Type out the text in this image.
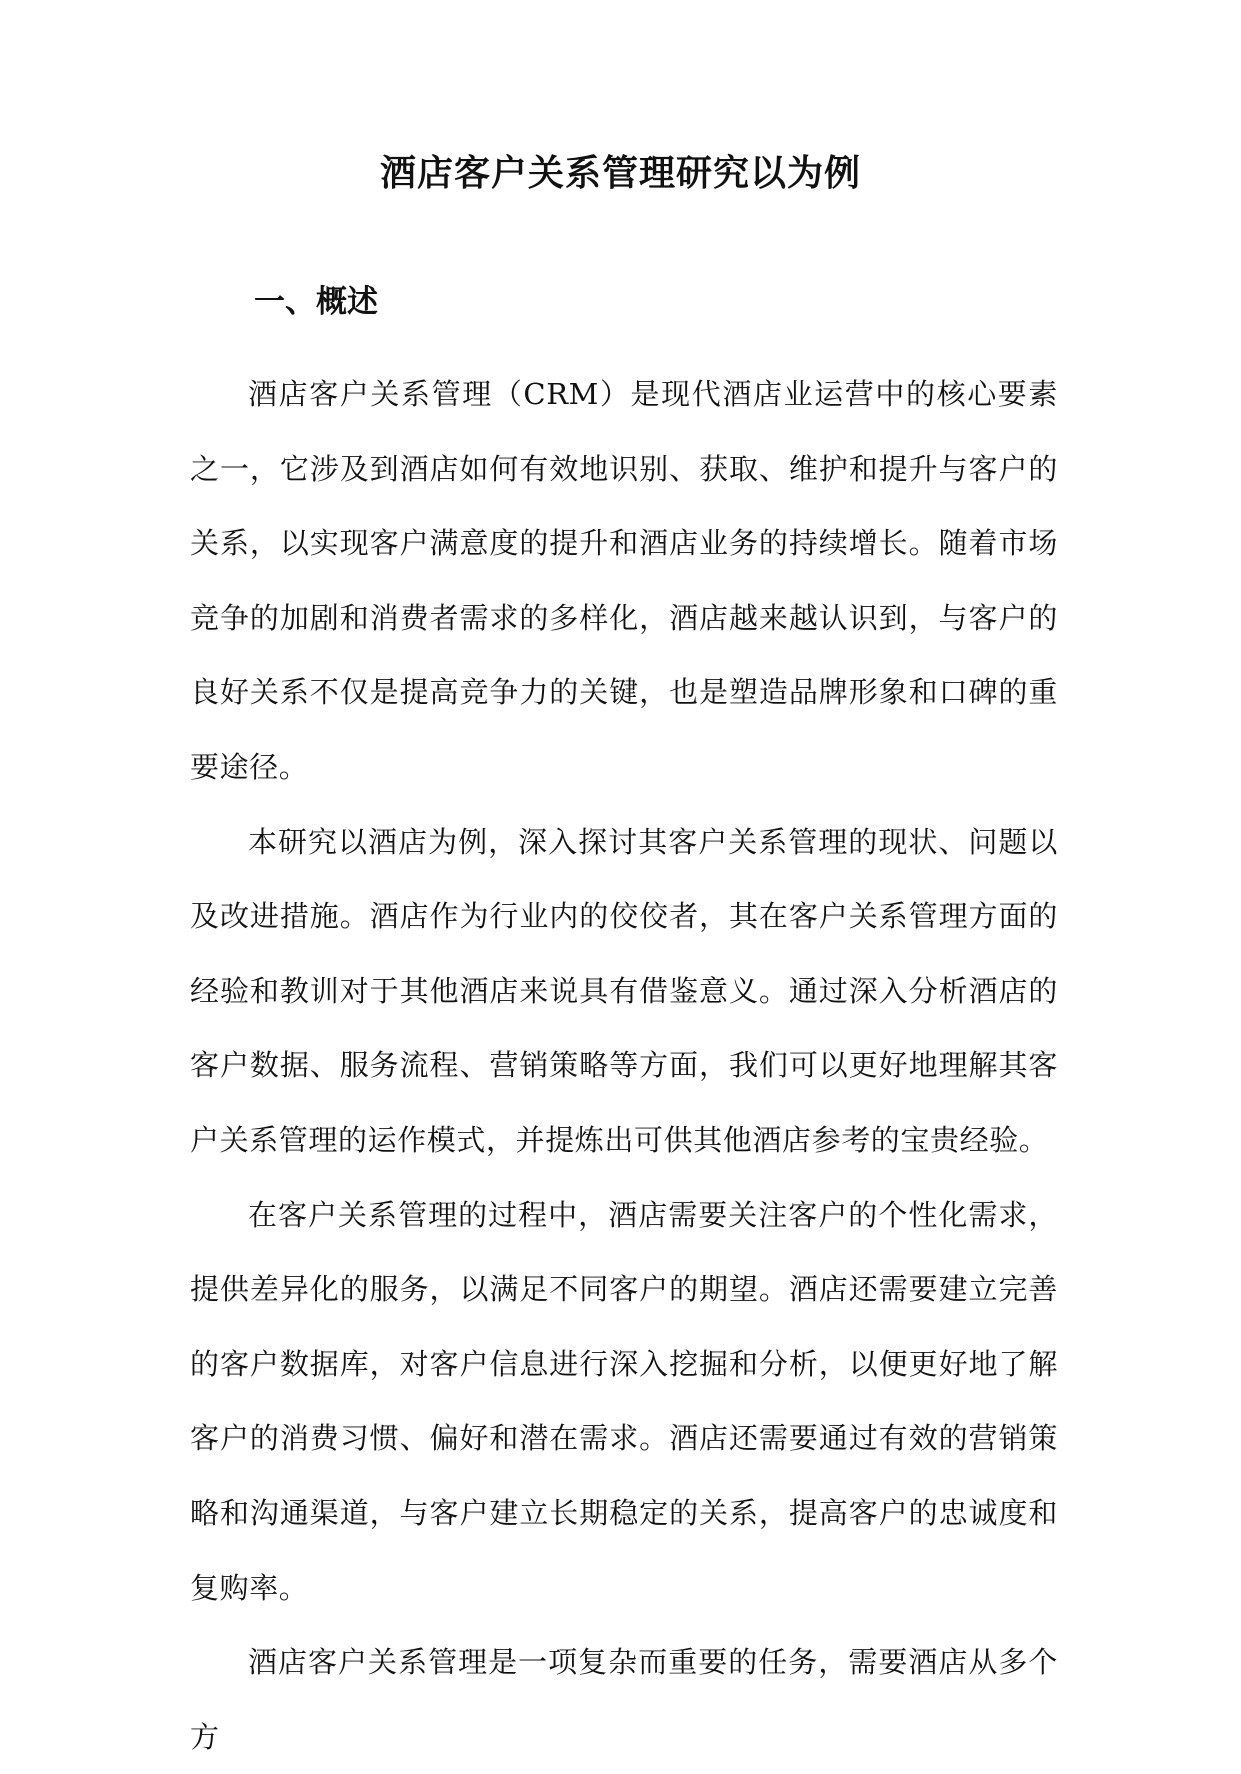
酒店客户关系管理研究以为例
一、概述

酒店客户关系管理（CRM）是现代酒店业运营中的核心要素之一，它涉及到酒店如何有效地识别、获取、维护和提升与客户的关系，以实现客户满意度的提升和酒店业务的持续增长。随着市场竞争的加剧和消费者需求的多样化，酒店越来越认识到，与客户的良好关系不仅是提高竞争力的关键，也是塑造品牌形象和口碑的重要途径。

本研究以酒店为例，深入探讨其客户关系管理的现状、问题以及改进措施。酒店作为行业内的佼佼者，其在客户关系管理方面的经验和教训对于其他酒店来说具有借鉴意义。通过深入分析酒店的客户数据、服务流程、营销策略等方面，我们可以更好地理解其客户关系管理的运作模式，并提炼出可供其他酒店参考的宝贵经验。

在客户关系管理的过程中，酒店需要关注客户的个性化需求，提供差异化的服务，以满足不同客户的期望。酒店还需要建立完善的客户数据库，对客户信息进行深入挖掘和分析，以便更好地了解客户的消费习惯、偏好和潜在需求。酒店还需要通过有效的营销策略和沟通渠道，与客户建立长期稳定的关系，提高客户的忠诚度和复购率。

酒店客户关系管理是一项复杂而重要的任务，需要酒店从多个方
